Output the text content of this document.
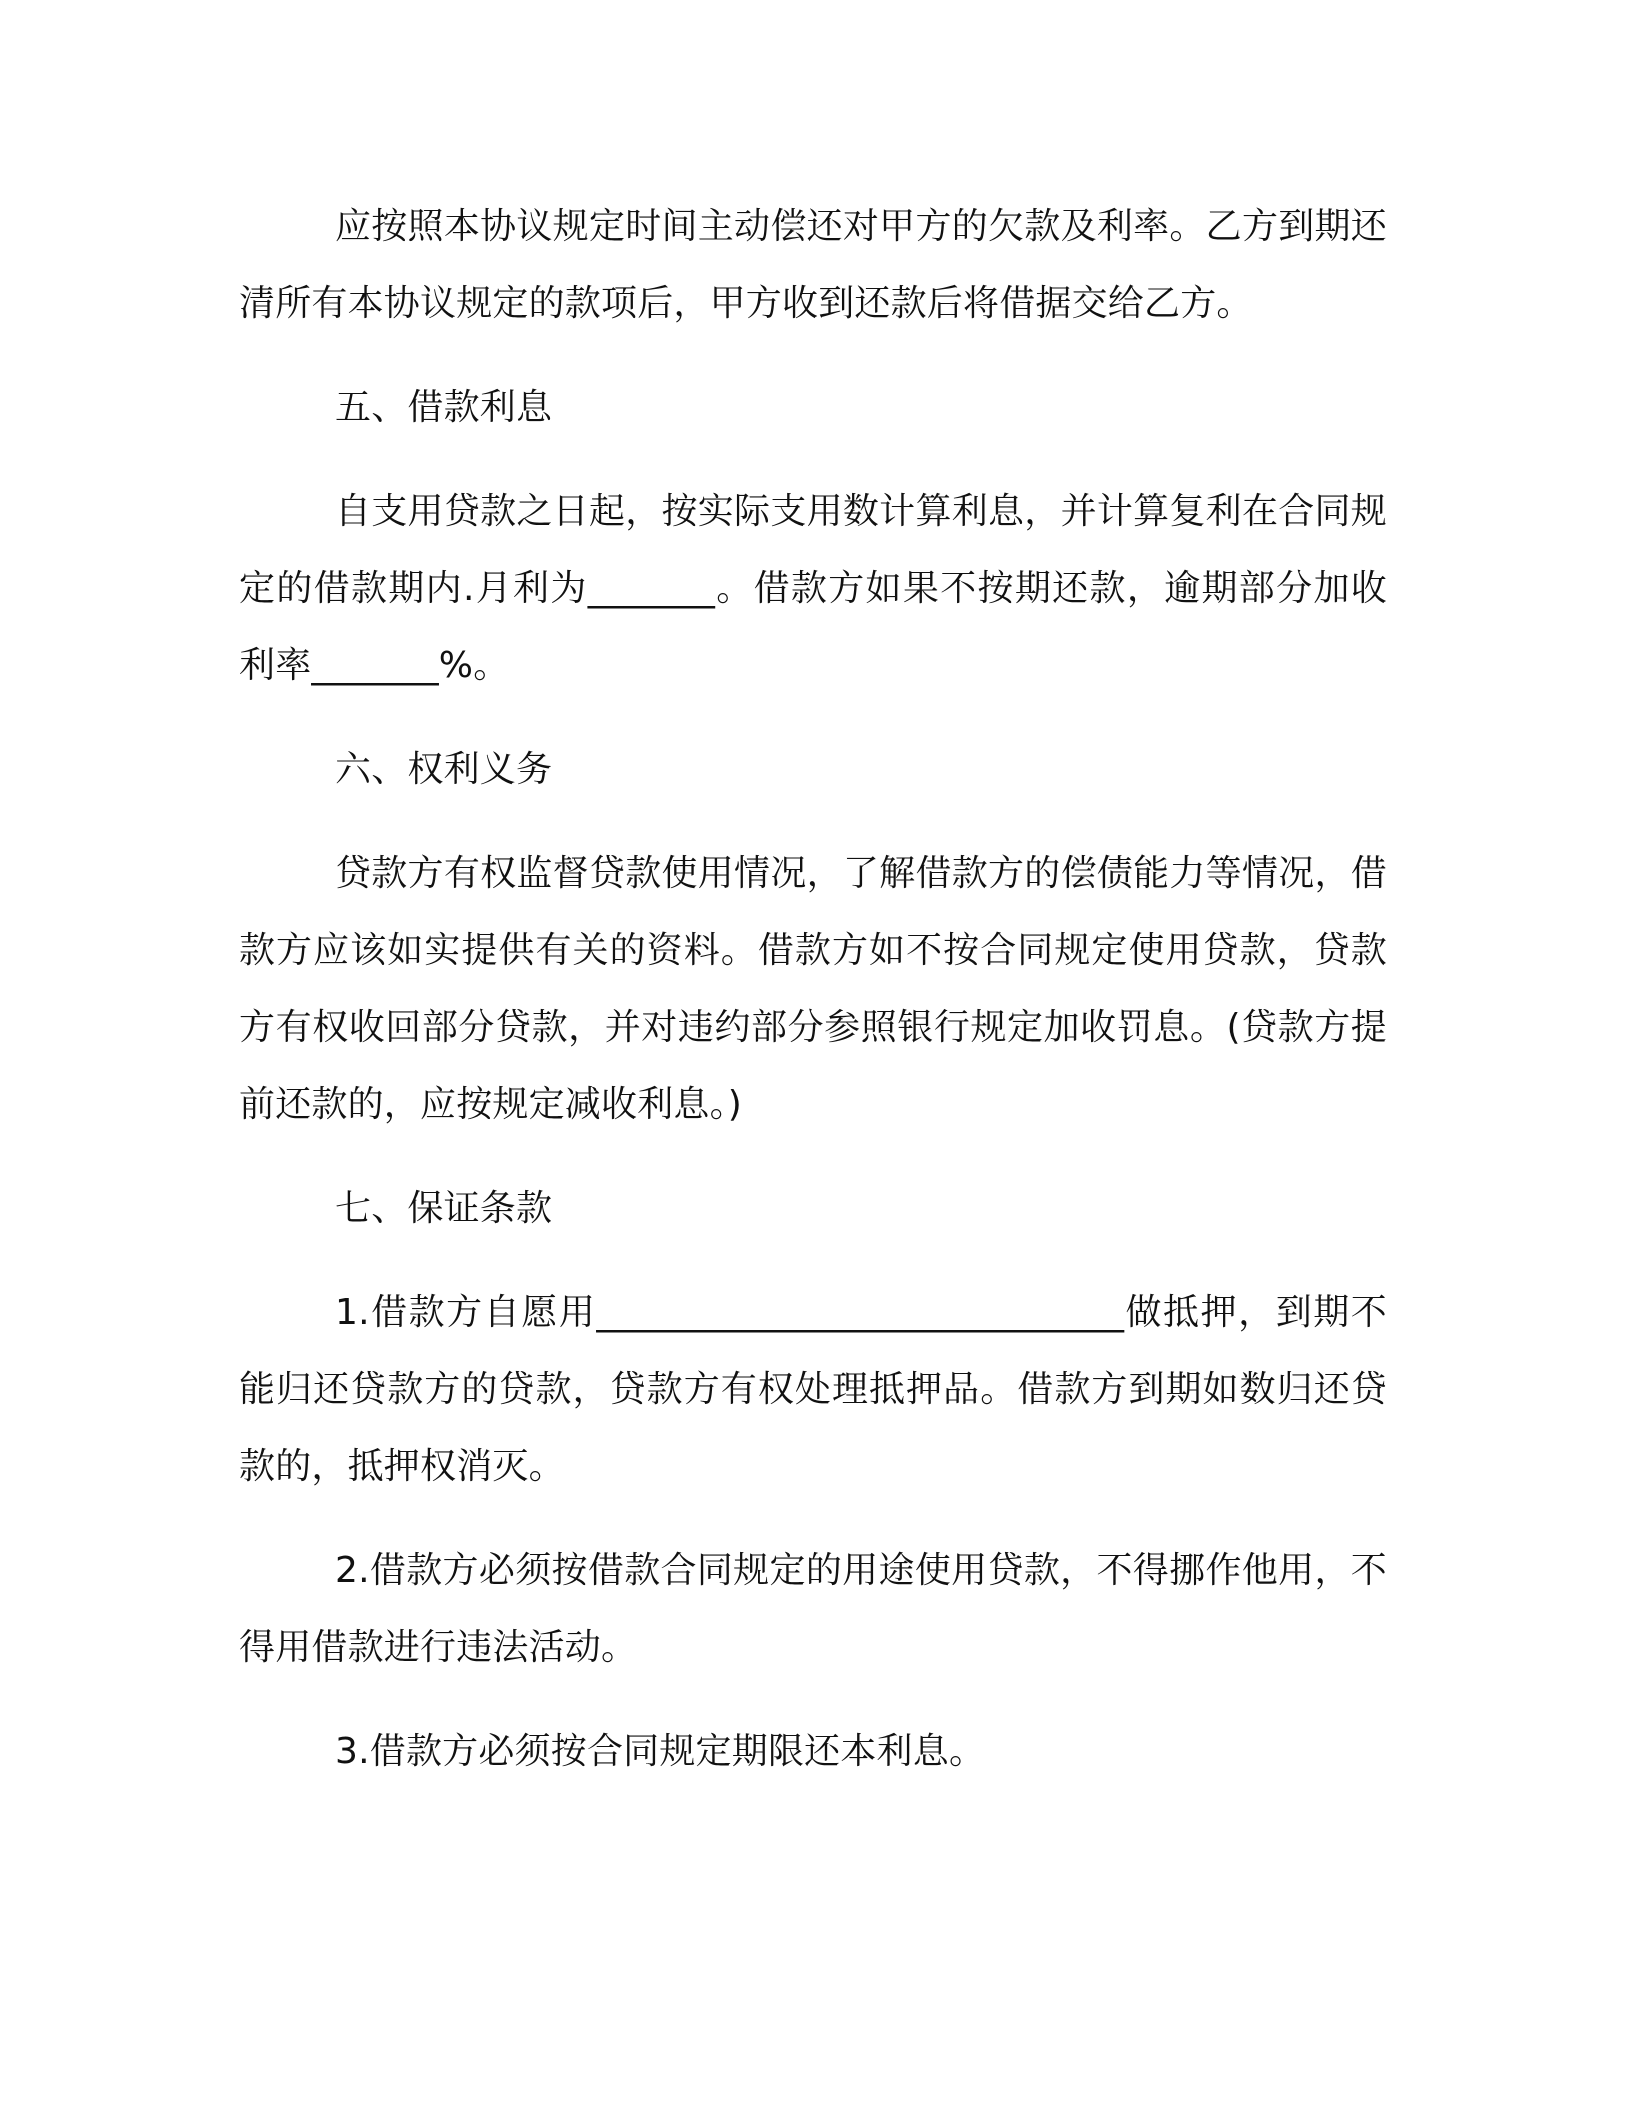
应按照本协议规定时间主动偿还对甲方的欠款及利率。乙方到期还清所有本协议规定的款项后，甲方收到还款后将借据交给乙方。

五、借款利息

自支用贷款之日起，按实际支用数计算利息，并计算复利在合同规定的借款期内.月利为_______。借款方如果不按期还款，逾期部分加收利率_______%。

六、权利义务

贷款方有权监督贷款使用情况，了解借款方的偿债能力等情况，借款方应该如实提供有关的资料。借款方如不按合同规定使用贷款，贷款方有权收回部分贷款，并对违约部分参照银行规定加收罚息。(贷款方提前还款的，应按规定减收利息。)

七、保证条款

1.借款方自愿用_____________________________做抵押，到期不能归还贷款方的贷款，贷款方有权处理抵押品。借款方到期如数归还贷款的，抵押权消灭。

2.借款方必须按借款合同规定的用途使用贷款，不得挪作他用，不得用借款进行违法活动。

3.借款方必须按合同规定期限还本利息。
